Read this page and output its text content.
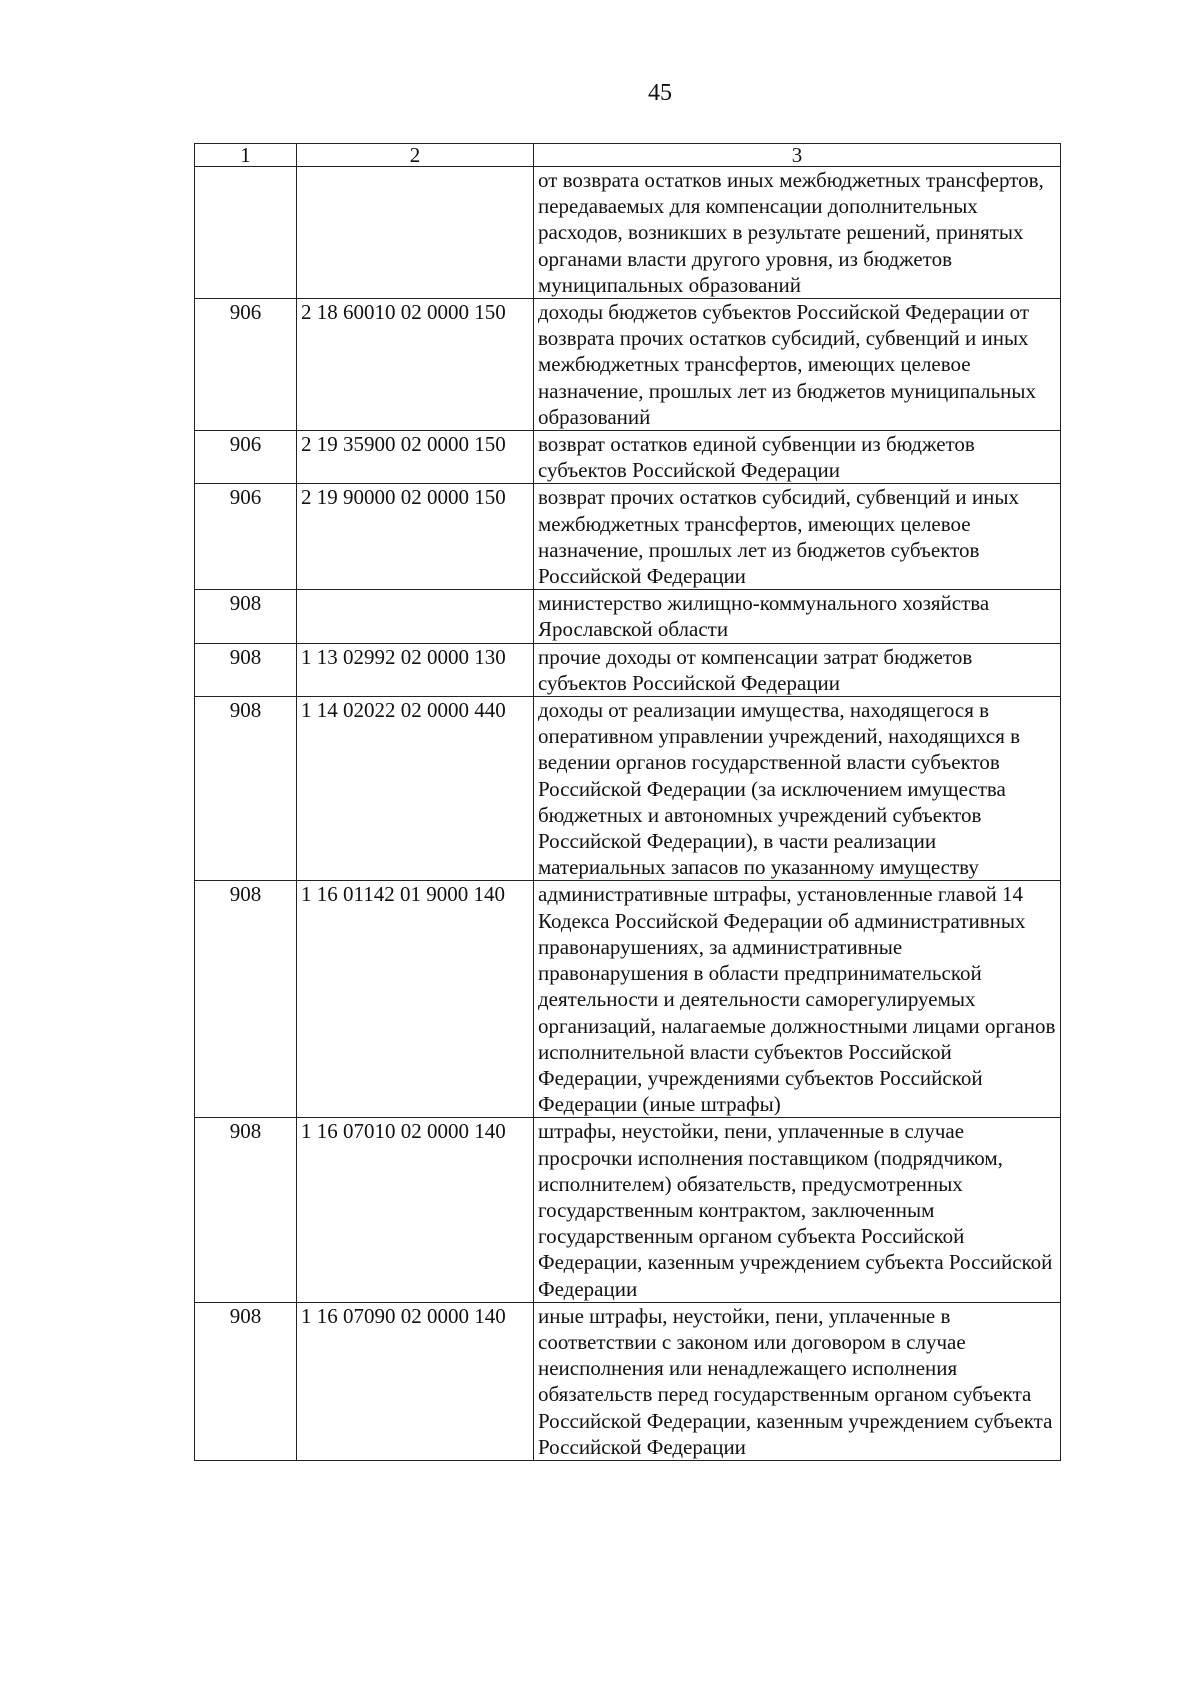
45
1	2	3
		от возврата остатков иных межбюджетных трансфертов, передаваемых для компенсации дополнительных расходов, возникших в результате решений, принятых органами власти другого уровня, из бюджетов муниципальных образований
906	2 18 60010 02 0000 150	доходы бюджетов субъектов Российской Федерации от возврата прочих остатков субсидий, субвенций и иных межбюджетных трансфертов, имеющих целевое назначение, прошлых лет из бюджетов муниципальных образований
906	2 19 35900 02 0000 150	возврат остатков единой субвенции из бюджетов субъектов Российской Федерации
906	2 19 90000 02 0000 150	возврат прочих остатков субсидий, субвенций и иных межбюджетных трансфертов, имеющих целевое назначение, прошлых лет из бюджетов субъектов Российской Федерации
908		министерство жилищно-коммунального хозяйства Ярославской области
908	1 13 02992 02 0000 130	прочие доходы от компенсации затрат бюджетов субъектов Российской Федерации
908	1 14 02022 02 0000 440	доходы от реализации имущества, находящегося в оперативном управлении учреждений, находящихся в ведении органов государственной власти субъектов Российской Федерации (за исключением имущества бюджетных и автономных учреждений субъектов Российской Федерации), в части реализации материальных запасов по указанному имуществу
908	1 16 01142 01 9000 140	административные штрафы, установленные главой 14 Кодекса Российской Федерации об административных правонарушениях, за административные правонарушения в области предпринимательской деятельности и деятельности саморегулируемых организаций, налагаемые должностными лицами органов исполнительной власти субъектов Российской Федерации, учреждениями субъектов Российской Федерации (иные штрафы)
908	1 16 07010 02 0000 140	штрафы, неустойки, пени, уплаченные в случае просрочки исполнения поставщиком (подрядчиком, исполнителем) обязательств, предусмотренных государственным контрактом, заключенным государственным органом субъекта Российской Федерации, казенным учреждением субъекта Российской Федерации
908	1 16 07090 02 0000 140	иные штрафы, неустойки, пени, уплаченные в соответствии с законом или договором в случае неисполнения или ненадлежащего исполнения обязательств перед государственным органом субъекта Российской Федерации, казенным учреждением субъекта Российской Федерации
